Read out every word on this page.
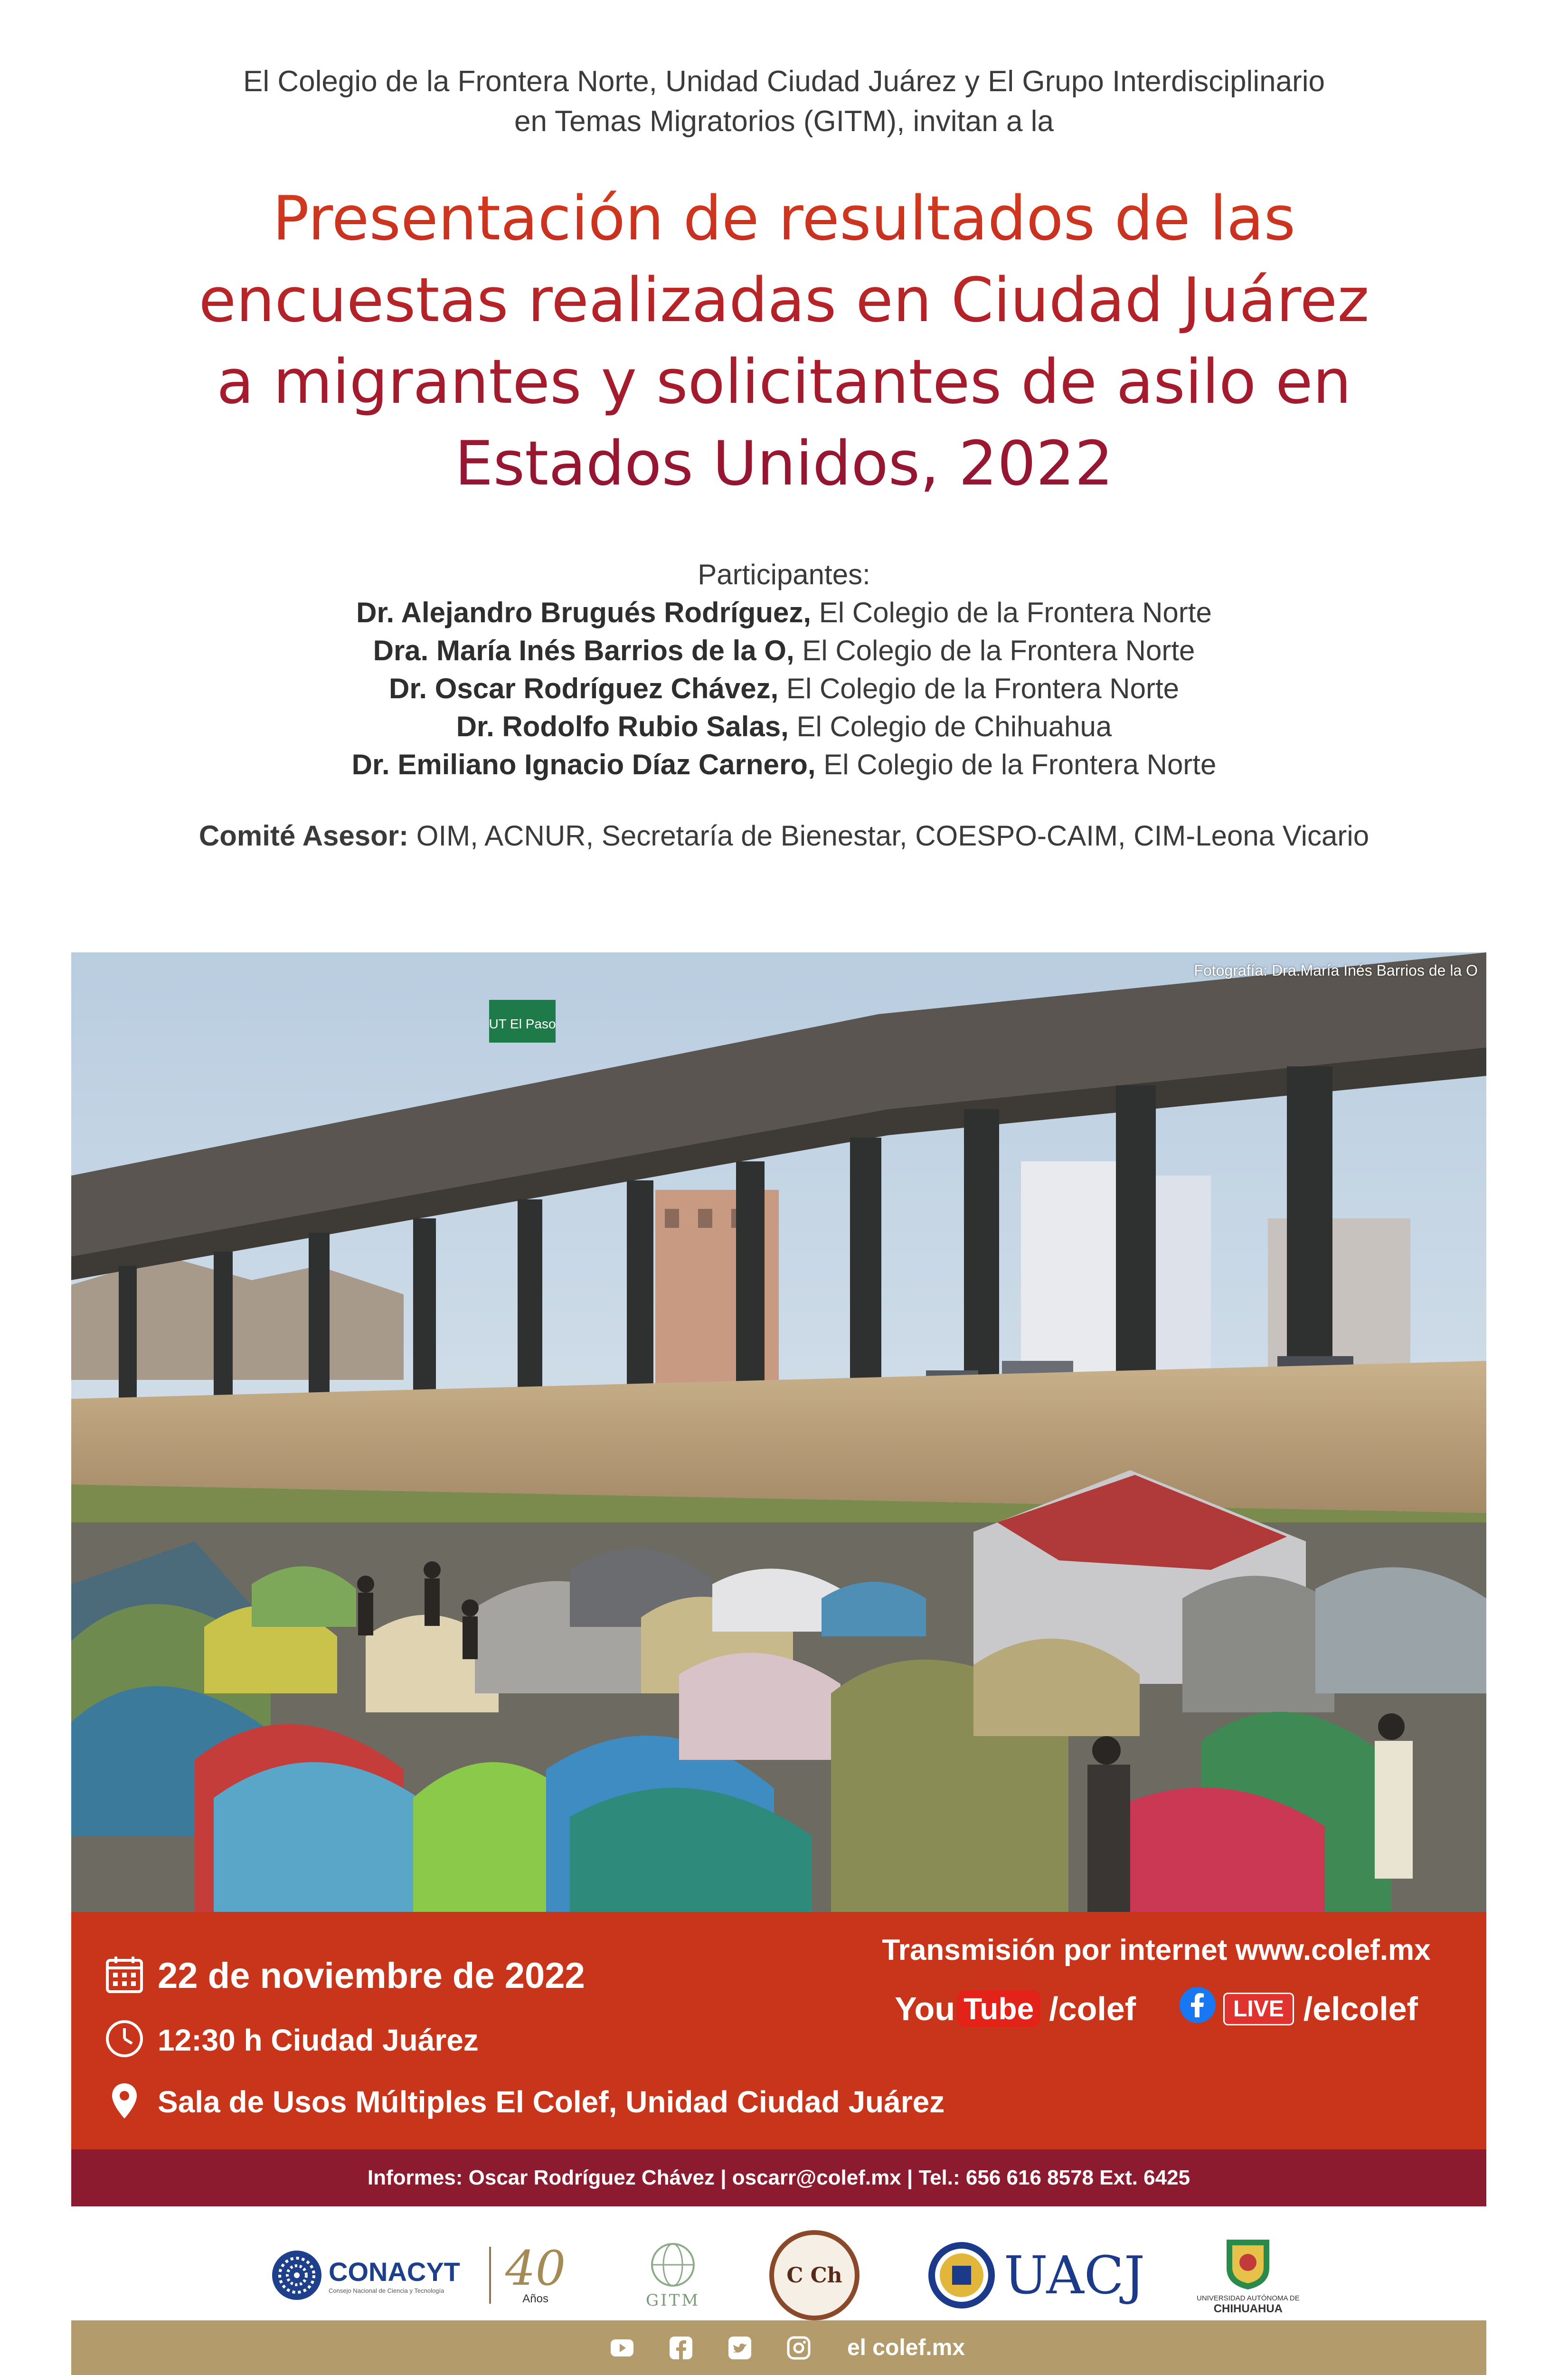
El Colegio de la Frontera Norte, Unidad Ciudad Juárez y El Grupo Interdisciplinario
en Temas Migratorios (GITM), invitan a la
Presentación de resultados de las
encuestas realizadas en Ciudad Juárez
a migrantes y solicitantes de asilo en
Estados Unidos, 2022
Participantes:
Dr. Alejandro Brugués Rodríguez, El Colegio de la Frontera Norte
Dra. María Inés Barrios de la O, El Colegio de la Frontera Norte
Dr. Oscar Rodríguez Chávez, El Colegio de la Frontera Norte
Dr. Rodolfo Rubio Salas, El Colegio de Chihuahua
Dr. Emiliano Ignacio Díaz Carnero, El Colegio de la Frontera Norte
Comité Asesor: OIM, ACNUR, Secretaría de Bienestar, COESPO-CAIM, CIM-Leona Vicario
UT El Paso
Fotografía: Dra.María Inés Barrios de la O
22 de noviembre de 2022
12:30 h Ciudad Juárez
Sala de Usos Múltiples El Colef, Unidad Ciudad Juárez
Transmisión por internet www.colef.mx
You Tube /colef	LIVE /elcolef
Informes: Oscar Rodríguez Chávez | oscarr@colef.mx | Tel.: 656 616 8578 Ext. 6425
CONACYT
Consejo Nacional de Ciencia y Tecnología	40
Años	GITM
C Ch	UACJ	UNIVERSIDAD AUTÓNOMA DE
CHIHUAHUA
el colef.mx
